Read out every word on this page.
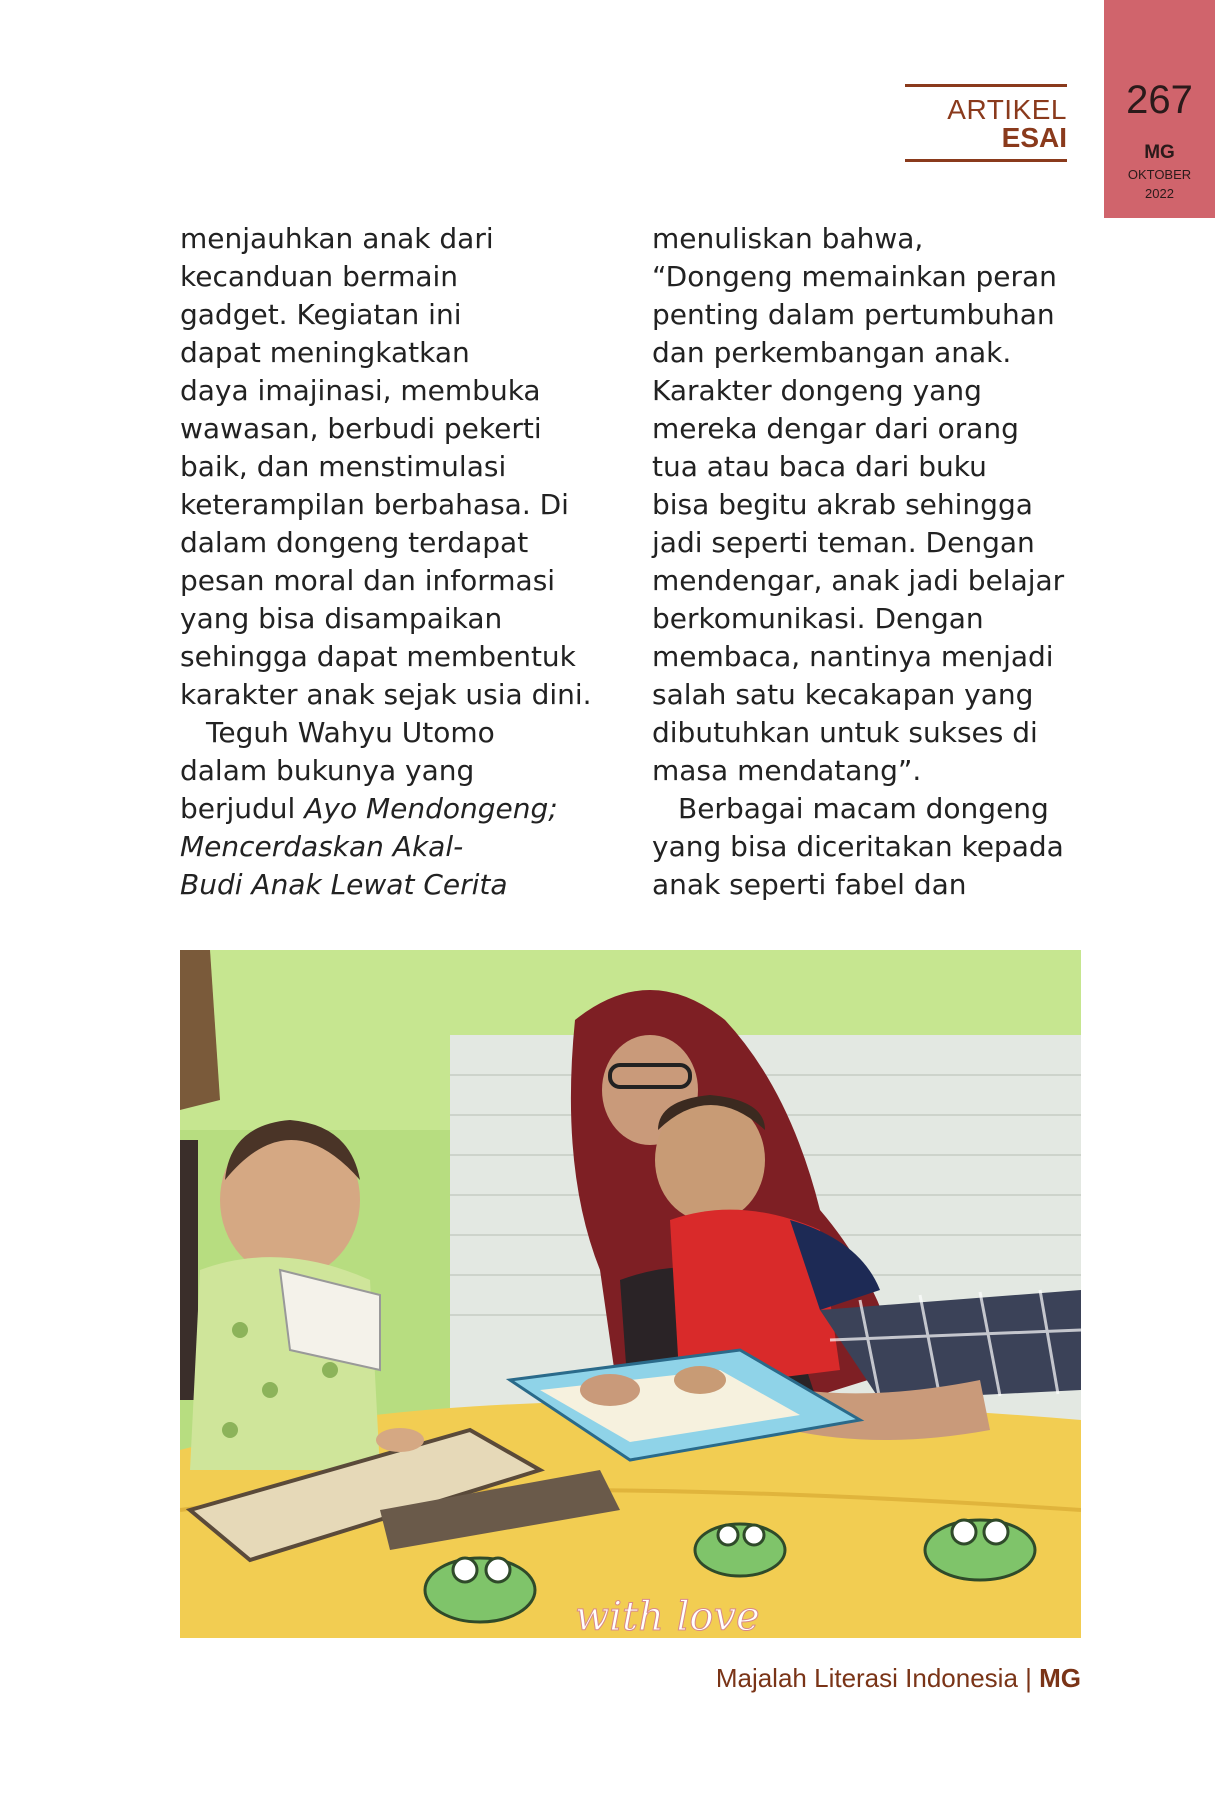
267
MG
OKTOBER
2022
ARTIKEL
ESAI
menjauhkan anak dari
kecanduan bermain
gadget. Kegiatan ini
dapat meningkatkan
daya imajinasi, membuka
wawasan, berbudi pekerti
baik, dan menstimulasi
keterampilan berbahasa. Di
dalam dongeng terdapat
pesan moral dan informasi
yang bisa disampaikan
sehingga dapat membentuk
karakter anak sejak usia dini.
Teguh Wahyu Utomo
dalam bukunya yang
berjudul Ayo Mendongeng;
Mencerdaskan Akal-
Budi Anak Lewat Cerita
menuliskan bahwa,
“Dongeng memainkan peran
penting dalam pertumbuhan
dan perkembangan anak.
Karakter dongeng yang
mereka dengar dari orang
tua atau baca dari buku
bisa begitu akrab sehingga
jadi seperti teman. Dengan
mendengar, anak jadi belajar
berkomunikasi. Dengan
membaca, nantinya menjadi
salah satu kecakapan yang
dibutuhkan untuk sukses di
masa mendatang”.
Berbagai macam dongeng
yang bisa diceritakan kepada
anak seperti fabel dan
with love
Majalah Literasi Indonesia | MG
